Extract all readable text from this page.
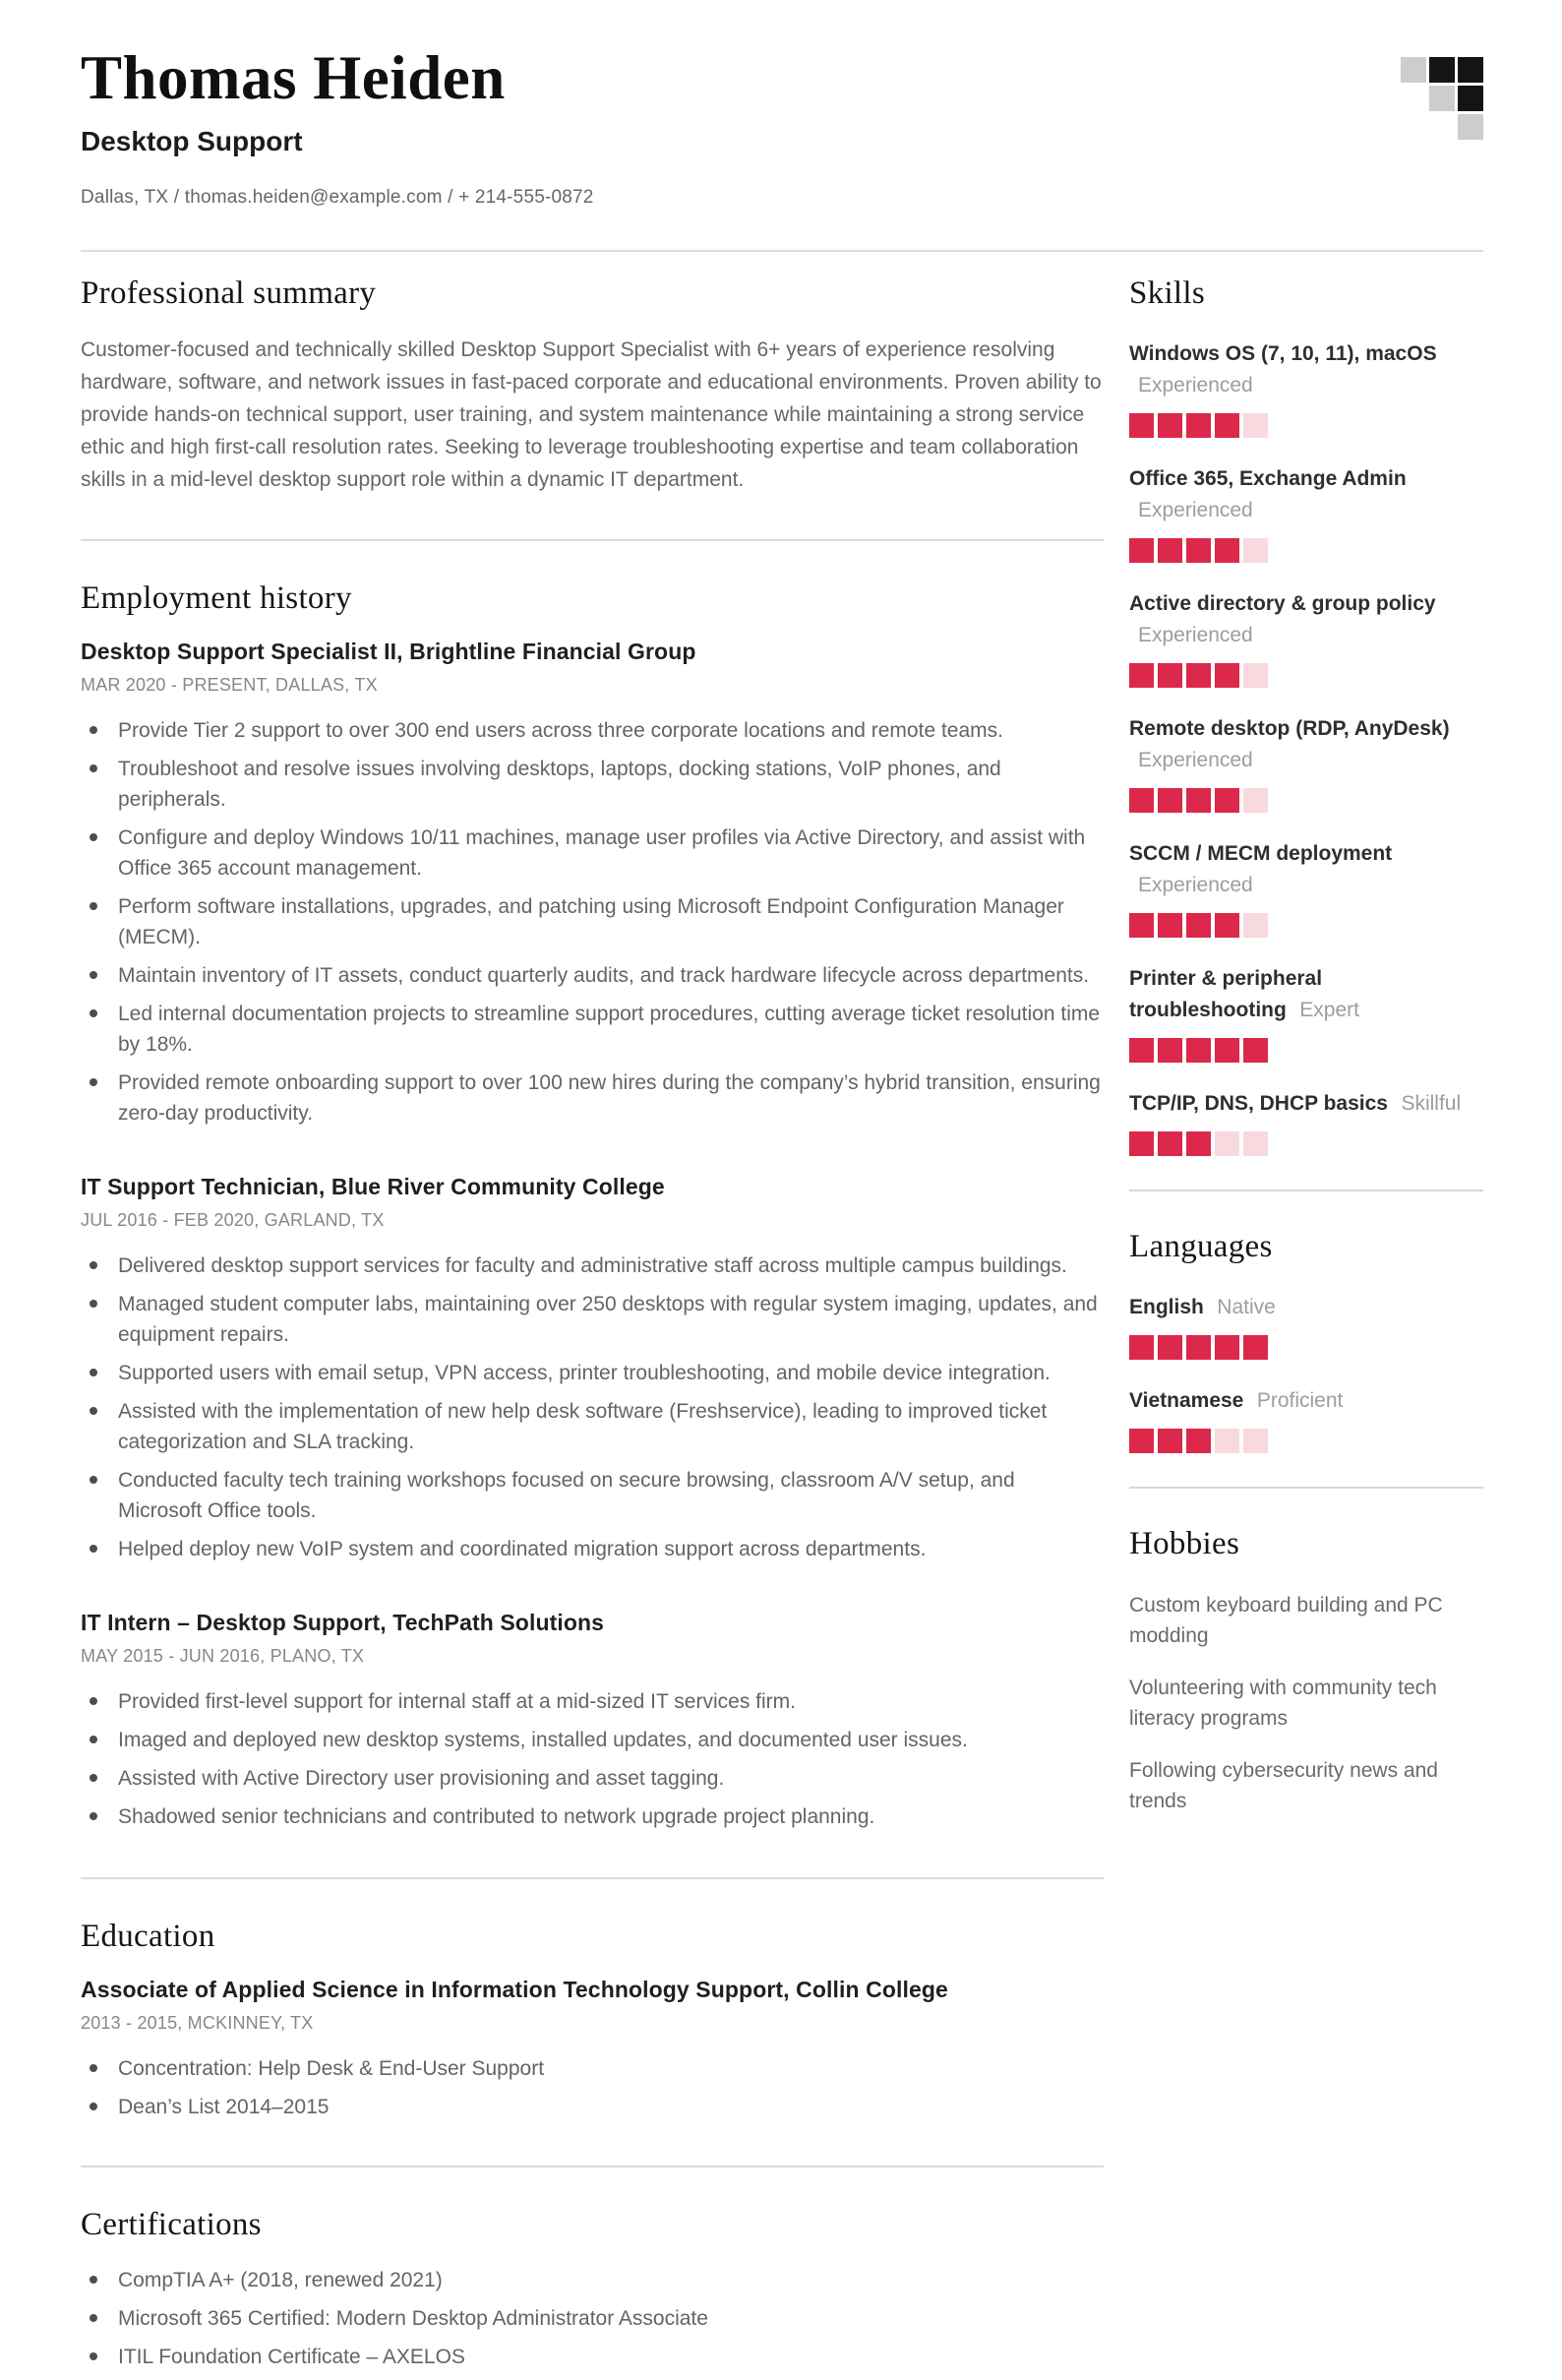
Thomas Heiden
Desktop Support
Dallas, TX / thomas.heiden@example.com / + 214-555-0872
Professional summary

Customer-focused and technically skilled Desktop Support Specialist with 6+ years of experience resolving hardware, software, and network issues in fast-paced corporate and educational environments. Proven ability to provide hands-on technical support, user training, and system maintenance while maintaining a strong service ethic and high first-call resolution rates. Seeking to leverage troubleshooting expertise and team collaboration skills in a mid-level desktop support role within a dynamic IT department.

Employment history
Desktop Support Specialist II, Brightline Financial Group
MAR 2020 - PRESENT, DALLAS, TX
Provide Tier 2 support to over 300 end users across three corporate locations and remote teams.
Troubleshoot and resolve issues involving desktops, laptops, docking stations, VoIP phones, and peripherals.
Configure and deploy Windows 10/11 machines, manage user profiles via Active Directory, and assist with Office 365 account management.
Perform software installations, upgrades, and patching using Microsoft Endpoint Configuration Manager (MECM).
Maintain inventory of IT assets, conduct quarterly audits, and track hardware lifecycle across departments.
Led internal documentation projects to streamline support procedures, cutting average ticket resolution time by 18%.
Provided remote onboarding support to over 100 new hires during the company’s hybrid transition, ensuring zero-day productivity.
IT Support Technician, Blue River Community College
JUL 2016 - FEB 2020, GARLAND, TX
Delivered desktop support services for faculty and administrative staff across multiple campus buildings.
Managed student computer labs, maintaining over 250 desktops with regular system imaging, updates, and equipment repairs.
Supported users with email setup, VPN access, printer troubleshooting, and mobile device integration.
Assisted with the implementation of new help desk software (Freshservice), leading to improved ticket categorization and SLA tracking.
Conducted faculty tech training workshops focused on secure browsing, classroom A/V setup, and Microsoft Office tools.
Helped deploy new VoIP system and coordinated migration support across departments.
IT Intern – Desktop Support, TechPath Solutions
MAY 2015 - JUN 2016, PLANO, TX
Provided first-level support for internal staff at a mid-sized IT services firm.
Imaged and deployed new desktop systems, installed updates, and documented user issues.
Assisted with Active Directory user provisioning and asset tagging.
Shadowed senior technicians and contributed to network upgrade project planning.
Education
Associate of Applied Science in Information Technology Support, Collin College
2013 - 2015, MCKINNEY, TX
Concentration: Help Desk & End-User Support
Dean’s List 2014–2015
Certifications
CompTIA A+ (2018, renewed 2021)
Microsoft 365 Certified: Modern Desktop Administrator Associate
ITIL Foundation Certificate – AXELOS
Skills
Windows OS (7, 10, 11), macOS Experienced
Office 365, Exchange Admin Experienced
Active directory & group policy Experienced
Remote desktop (RDP, AnyDesk) Experienced
SCCM / MECM deployment Experienced
Printer & peripheral troubleshooting Expert
TCP/IP, DNS, DHCP basics Skillful
Languages
English Native
Vietnamese Proficient
Hobbies
Custom keyboard building and PC modding
Volunteering with community tech literacy programs
Following cybersecurity news and trends
